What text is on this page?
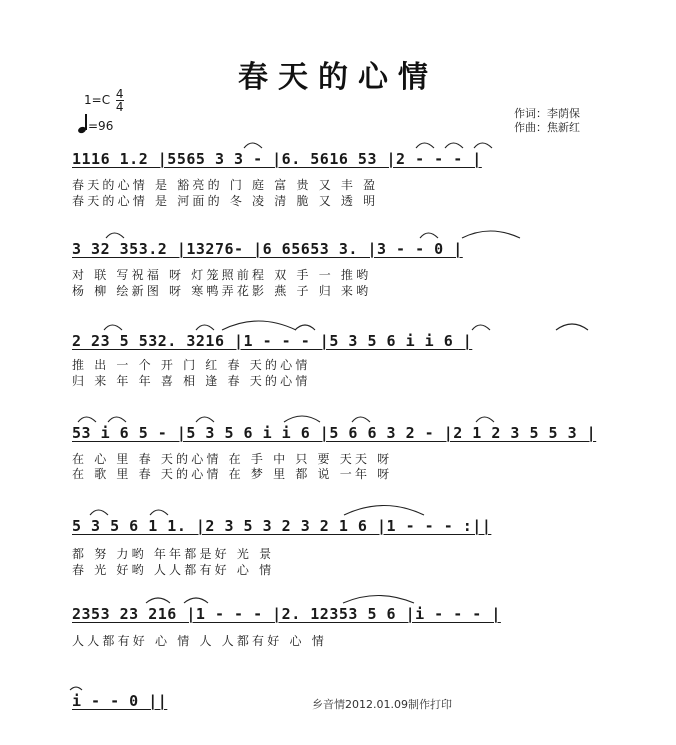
春天的心情
$1=C \frac{4}{4}$
=96
作词：李荫保
作曲：焦新红
1116 1.2 |5565 3 3 - |6. 5616 53 |2 - - - |
春天的心情 是 豁亮的 门 庭 富 贵 又 丰 盈
春天的心情 是 河面的 冬 凌 清 脆 又 透 明
3 32 353.2 |13276- |6 65653 3. |3 - - 0 |
对 联 写祝福 呀 灯笼照前程 双 手 一 推哟
杨 柳 绘新图 呀 寒鸭弄花影 燕 子 归 来哟
2 23 5 532. 3216 |1 - - - |5 3 5 6 i i 6 |
推 出 一 个 开 门 红 春 天的心情
归 来 年 年 喜 相 逢 春 天的心情
53 i 6 5 - |5 3 5 6 i i 6 |5 6 6 3 2 - |2 1 2 3 5 5 3 |
在 心 里 春 天的心情 在 手 中 只 要 天天 呀
在 歌 里 春 天的心情 在 梦 里 都 说 一年 呀
5 3 5 6 1 1. |2 3 5 3 2 3 2 1 6 |1 - - - :||
都 努 力哟 年年都是好 光 景
春 光 好哟 人人都有好 心 情
2353 23 216 |1 - - - |2. 12353 5 6 |i - - - |
人人都有好 心 情 人 人都有好 心 情
i - - 0 ||	乡音情2012.01.09制作打印
